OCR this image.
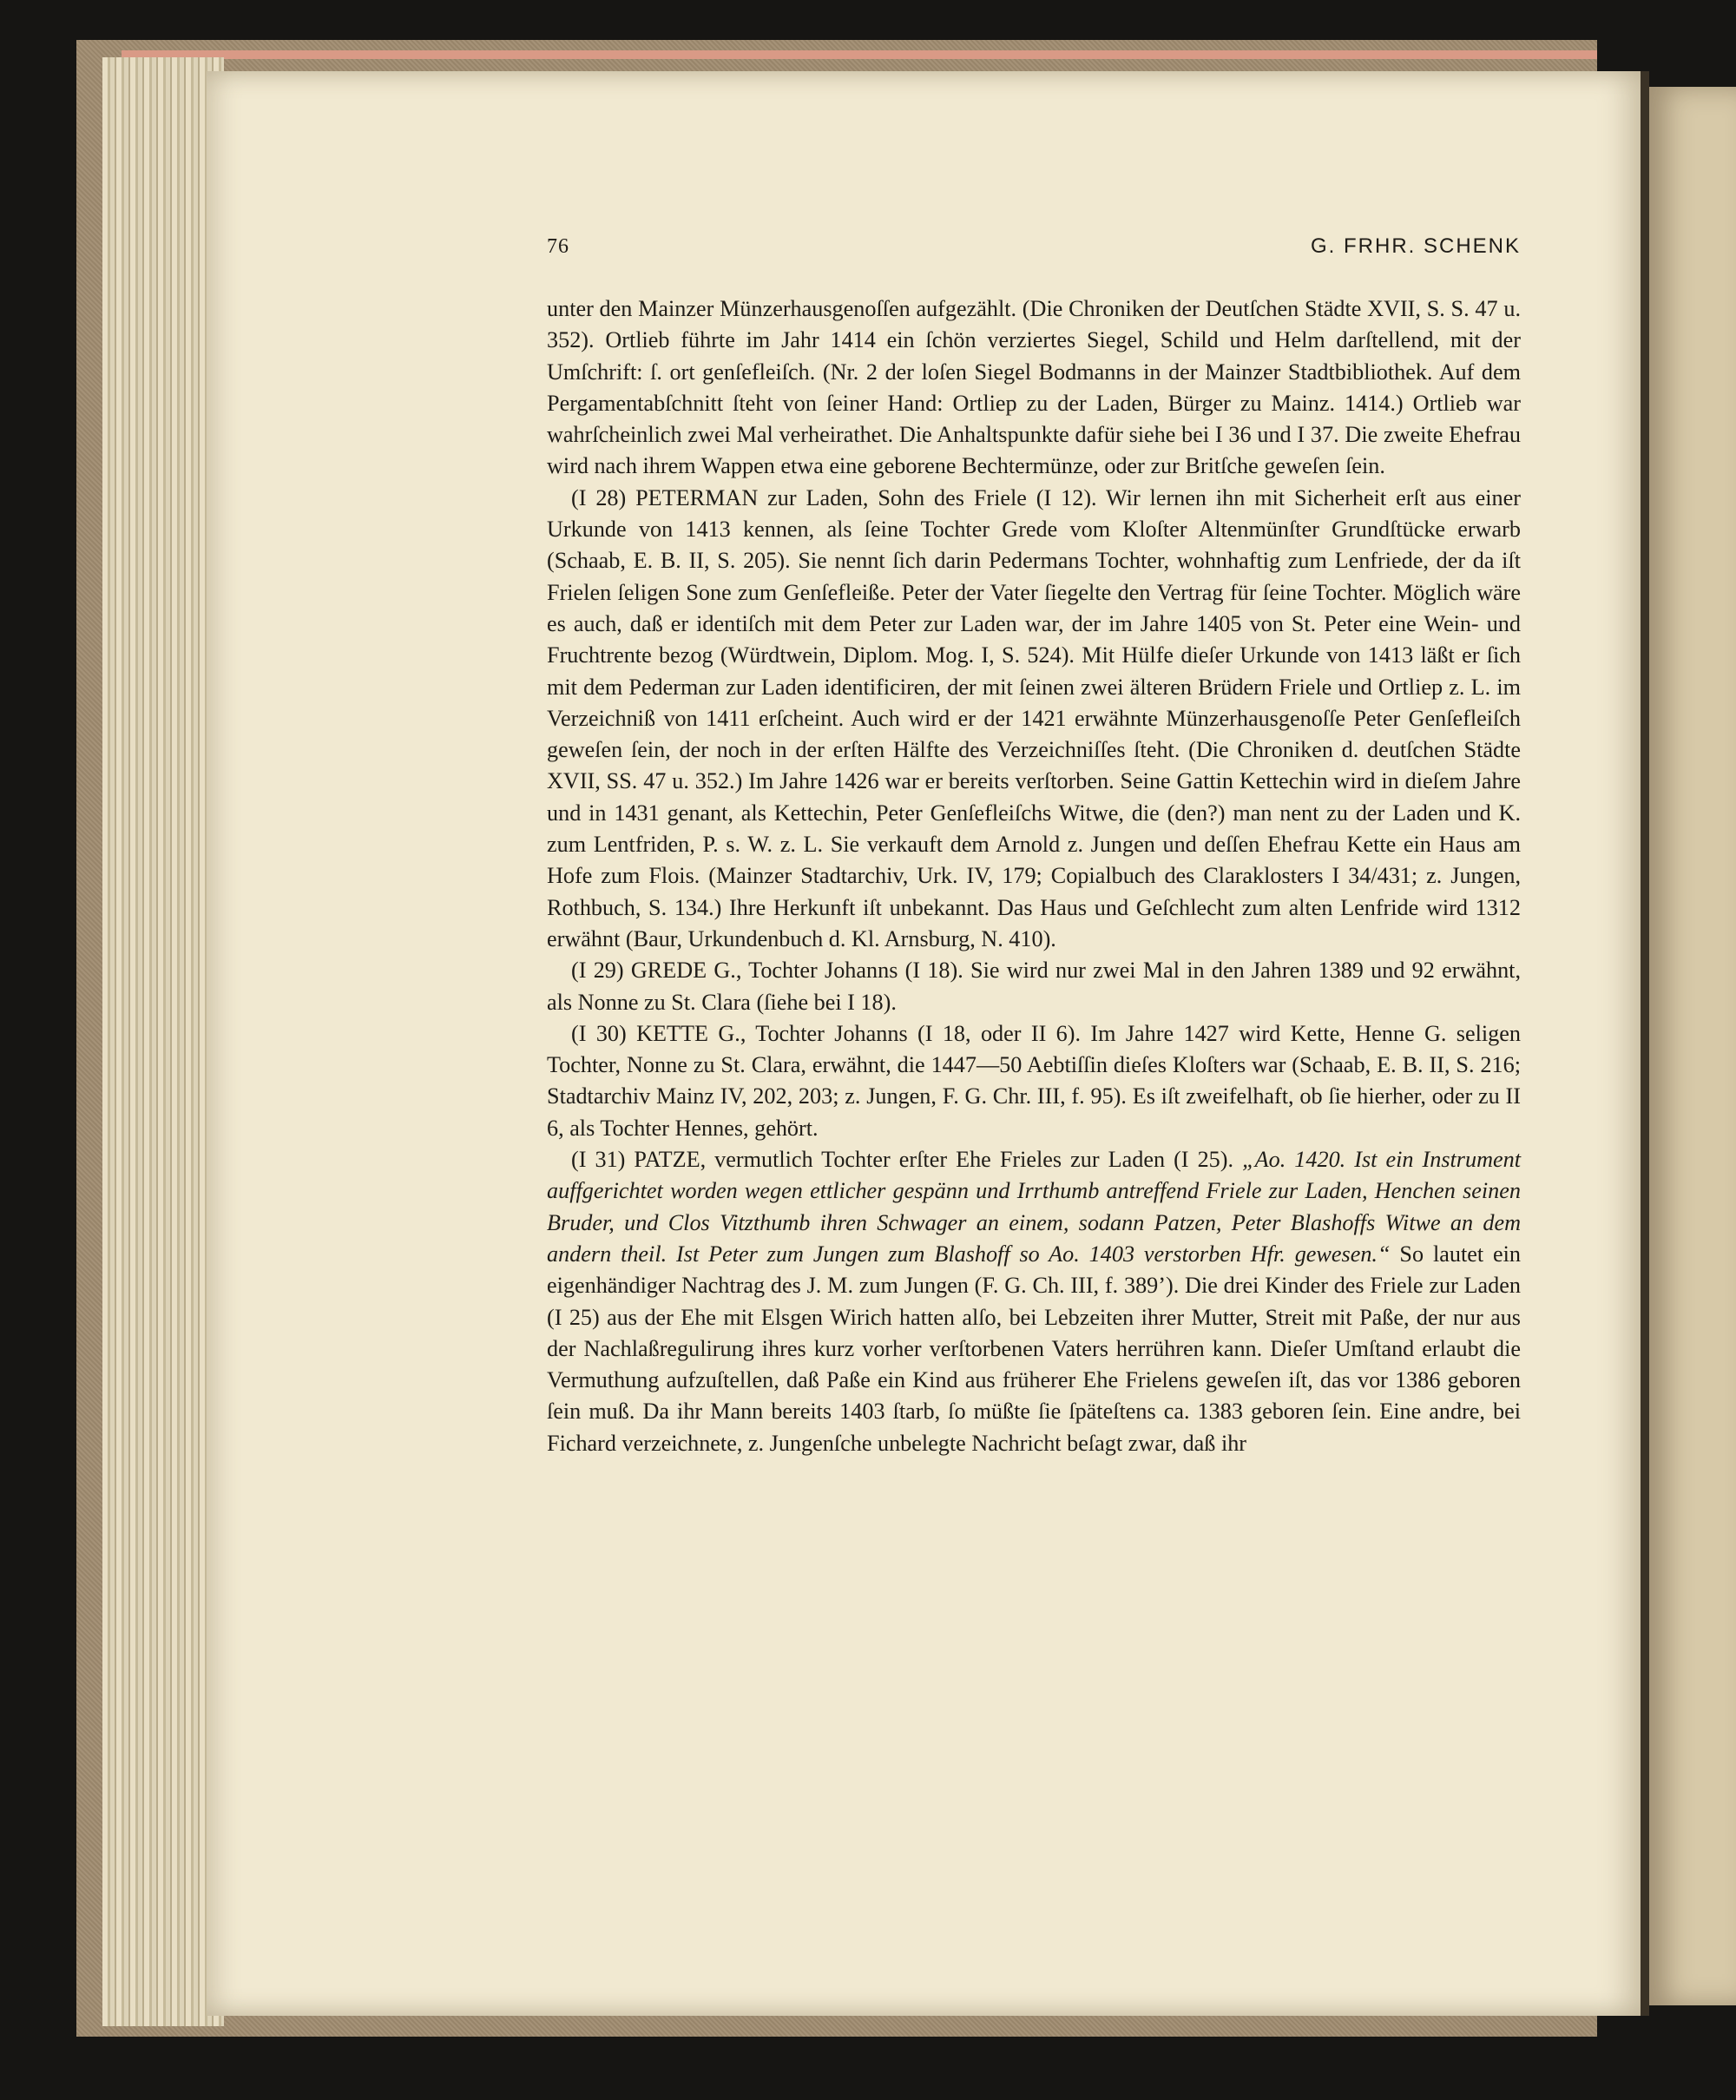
76	G. FRHR. SCHENK

unter den Mainzer Münzerhausgenoſſen aufgezählt. (Die Chroniken der Deutſchen Städte XVII, S. S. 47 u. 352). Ortlieb führte im Jahr 1414 ein ſchön verziertes Siegel, Schild und Helm darſtellend, mit der Umſchrift: ſ. ort genſefleiſch. (Nr. 2 der loſen Siegel Bodmanns in der Mainzer Stadtbibliothek. Auf dem Pergamentabſchnitt ſteht von ſeiner Hand: Ortliep zu der Laden, Bürger zu Mainz. 1414.) Ortlieb war wahrſcheinlich zwei Mal verheirathet. Die Anhaltspunkte dafür siehe bei I 36 und I 37. Die zweite Ehefrau wird nach ihrem Wappen etwa eine geborene Bechtermünze, oder zur Britſche geweſen ſein.

(I 28) PETERMAN zur Laden, Sohn des Friele (I 12). Wir lernen ihn mit Sicherheit erſt aus einer Urkunde von 1413 kennen, als ſeine Tochter Grede vom Kloſter Altenmünſter Grundſtücke erwarb (Schaab, E. B. II, S. 205). Sie nennt ſich darin Pedermans Tochter, wohnhaftig zum Lenfriede, der da iſt Frielen ſeligen Sone zum Genſefleiße. Peter der Vater ſiegelte den Vertrag für ſeine Tochter. Möglich wäre es auch, daß er identiſch mit dem Peter zur Laden war, der im Jahre 1405 von St. Peter eine Wein- und Fruchtrente bezog (Würdtwein, Diplom. Mog. I, S. 524). Mit Hülfe dieſer Urkunde von 1413 läßt er ſich mit dem Pederman zur Laden identificiren, der mit ſeinen zwei älteren Brüdern Friele und Ortliep z. L. im Verzeichniß von 1411 erſcheint. Auch wird er der 1421 erwähnte Münzerhausgenoſſe Peter Genſefleiſch geweſen ſein, der noch in der erſten Hälfte des Verzeichniſſes ſteht. (Die Chroniken d. deutſchen Städte XVII, SS. 47 u. 352.) Im Jahre 1426 war er bereits verſtorben. Seine Gattin Kettechin wird in dieſem Jahre und in 1431 genant, als Kettechin, Peter Genſefleiſchs Witwe, die (den?) man nent zu der Laden und K. zum Lentfriden, P. s. W. z. L. Sie verkauft dem Arnold z. Jungen und deſſen Ehefrau Kette ein Haus am Hofe zum Flois. (Mainzer Stadtarchiv, Urk. IV, 179; Copialbuch des Claraklosters I 34/431; z. Jungen, Rothbuch, S. 134.) Ihre Herkunft iſt unbekannt. Das Haus und Geſchlecht zum alten Lenfride wird 1312 erwähnt (Baur, Urkundenbuch d. Kl. Arnsburg, N. 410).

(I 29) GREDE G., Tochter Johanns (I 18). Sie wird nur zwei Mal in den Jahren 1389 und 92 erwähnt, als Nonne zu St. Clara (ſiehe bei I 18).

(I 30) KETTE G., Tochter Johanns (I 18, oder II 6). Im Jahre 1427 wird Kette, Henne G. seligen Tochter, Nonne zu St. Clara, erwähnt, die 1447—50 Aebtiſſin dieſes Kloſters war (Schaab, E. B. II, S. 216; Stadtarchiv Mainz IV, 202, 203; z. Jungen, F. G. Chr. III, f. 95). Es iſt zweifelhaft, ob ſie hierher, oder zu II 6, als Tochter Hennes, gehört.

(I 31) PATZE, vermutlich Tochter erſter Ehe Frieles zur Laden (I 25). „Ao. 1420. Ist ein Instrument auffgerichtet worden wegen ettlicher gespänn und Irrthumb antreffend Friele zur Laden, Henchen seinen Bruder, und Clos Vitzthumb ihren Schwager an einem, sodann Patzen, Peter Blashoffs Witwe an dem andern theil. Ist Peter zum Jungen zum Blashoff so Ao. 1403 verstorben Hfr. gewesen.“ So lautet ein eigenhändiger Nachtrag des J. M. zum Jungen (F. G. Ch. III, f. 389’). Die drei Kinder des Friele zur Laden (I 25) aus der Ehe mit Elsgen Wirich hatten alſo, bei Lebzeiten ihrer Mutter, Streit mit Paße, der nur aus der Nachlaßregulirung ihres kurz vorher verſtorbenen Vaters herrühren kann. Dieſer Umſtand erlaubt die Vermuthung aufzuſtellen, daß Paße ein Kind aus früherer Ehe Frielens geweſen iſt, das vor 1386 geboren ſein muß. Da ihr Mann bereits 1403 ſtarb, ſo müßte ſie ſpäteſtens ca. 1383 geboren ſein. Eine andre, bei Fichard verzeichnete, z. Jungenſche unbelegte Nachricht beſagt zwar, daß ihr
